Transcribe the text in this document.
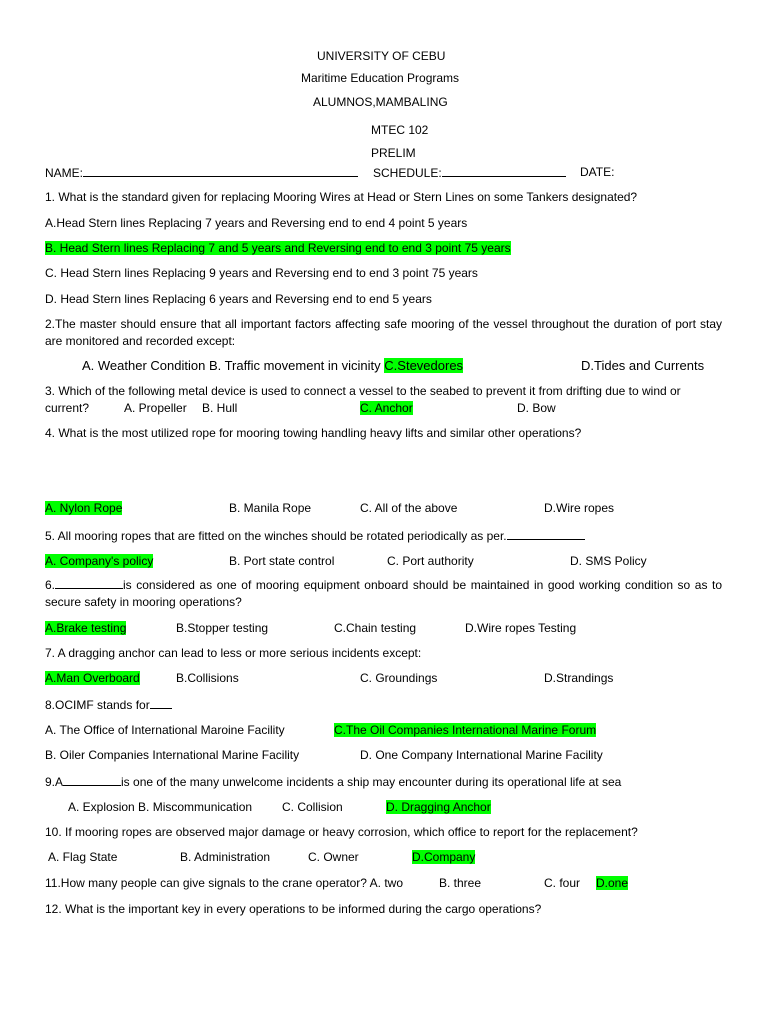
UNIVERSITY OF CEBU
Maritime Education Programs
ALUMNOS,MAMBALING
MTEC 102
PRELIM
NAME:	SCHEDULE:	DATE:
1. What is the standard given for replacing Mooring Wires at Head or Stern Lines on some Tankers designated?
A.Head Stern lines Replacing 7 years and Reversing end to end 4 point 5 years
B. Head Stern lines Replacing 7 and 5 years and Reversing end to end 3 point 75 years
C. Head Stern lines Replacing 9 years and Reversing end to end 3 point 75 years
D. Head Stern lines Replacing 6 years and Reversing end to end 5 years
2.The master should ensure that all important factors affecting safe mooring of the vessel throughout the duration of port stay are monitored and recorded except:
A. Weather Condition B. Traffic movement in vicinity C.Stevedores	D.Tides and Currents
3. Which of the following metal device is used to connect a vessel to the seabed to prevent it from drifting due to wind or
current?	A. Propeller B. Hull	C. Anchor	D. Bow
4. What is the most utilized rope for mooring towing handling heavy lifts and similar other operations?
A. Nylon Rope	B. Manila Rope	C. All of the above	D.Wire ropes
5. All mooring ropes that are fitted on the winches should be rotated periodically as per.
A. Company's policy	B. Port state control	C. Port authority	D. SMS Policy
6.	is considered as one of mooring equipment onboard should be maintained in good working condition so as to secure safety in mooring operations?
A.Brake testing	B.Stopper testing	C.Chain testing	D.Wire ropes Testing
7. A dragging anchor can lead to less or more serious incidents except:
A.Man Overboard	B.Collisions	C. Groundings	D.Strandings
8.OCIMF stands for
A. The Office of International Maroine Facility	C.The Oil Companies International Marine Forum
B. Oiler Companies International Marine Facility	D. One Company International Marine Facility
9.A	is one of the many unwelcome incidents a ship may encounter during its operational life at sea
A. Explosion B. Miscommunication C. Collision	D. Dragging Anchor
10. If mooring ropes are observed major damage or heavy corrosion, which office to report for the replacement?
A. Flag State	B. Administration	C. Owner	D.Company
11.How many people can give signals to the crane operator? A. two	B. three	C. four D.one
12. What is the important key in every operations to be informed during the cargo operations?
